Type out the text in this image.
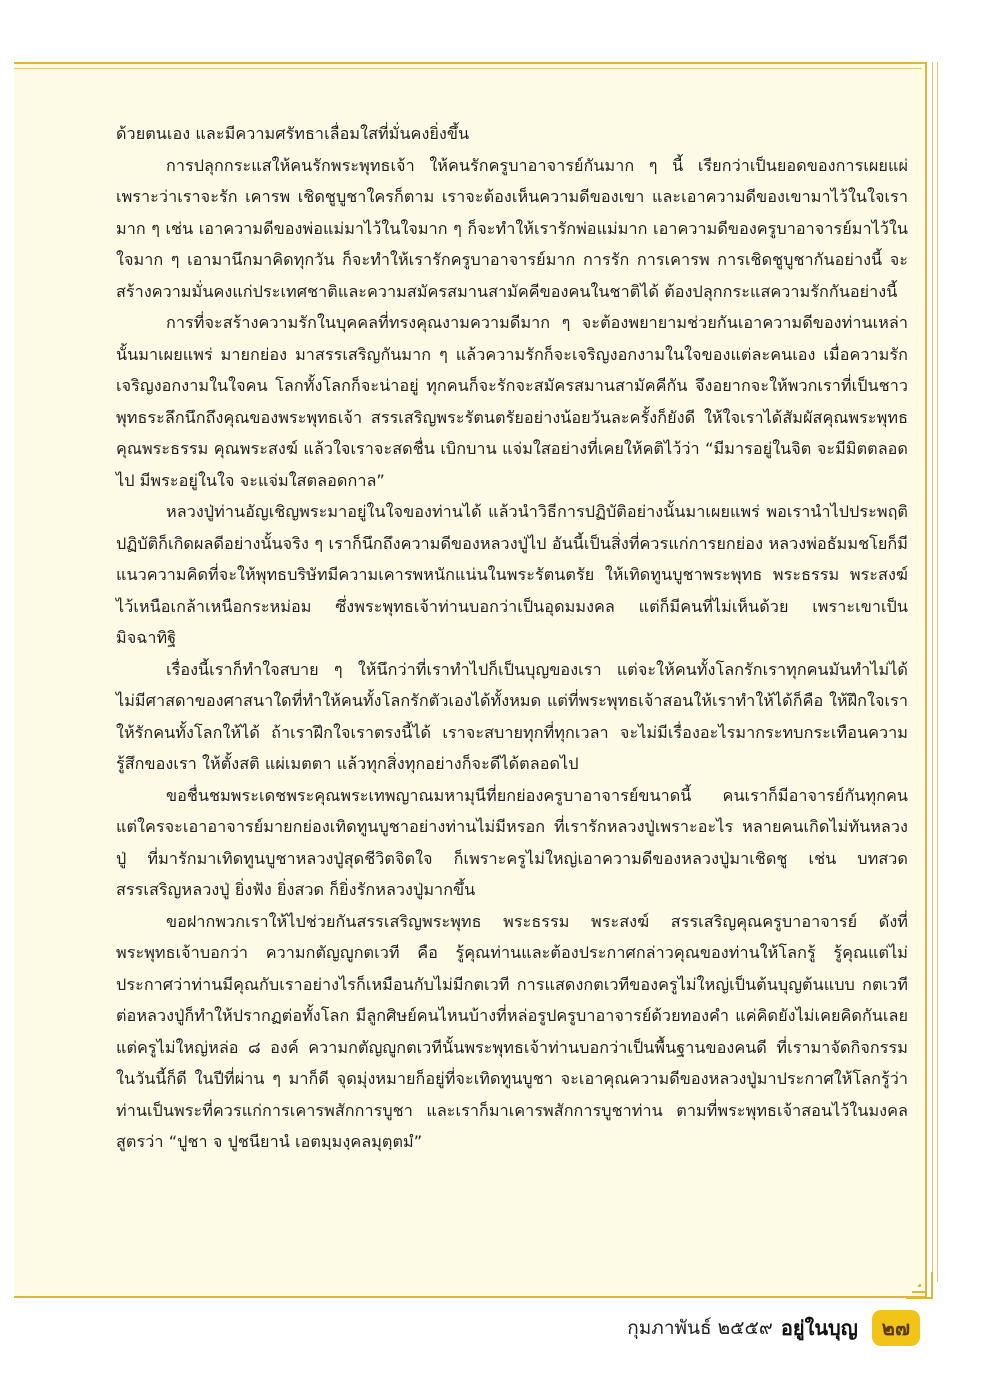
ด้วยตนเอง และมีความศรัทธาเลื่อมใสที่มั่นคงยิ่งขึ้น

การปลุกกระแสให้คนรักพระพุทธเจ้า ให้คนรักครูบาอาจารย์กันมาก ๆ นี้ เรียกว่าเป็นยอดของการเผยแผ่ เพราะว่าเราจะรัก เคารพ เชิดชูบูชาใครก็ตาม เราจะต้องเห็นความดีของเขา และเอาความดีของเขามาไว้ในใจเรามาก ๆ เช่น เอาความดีของพ่อแม่มาไว้ในใจมาก ๆ ก็จะทำให้เรารักพ่อแม่มาก เอาความดีของครูบาอาจารย์มาไว้ในใจมาก ๆ เอามานึกมาคิดทุกวัน ก็จะทำให้เรารักครูบาอาจารย์มาก การรัก การเคารพ การเชิดชูบูชากันอย่างนี้ จะสร้างความมั่นคงแก่ประเทศชาติและความสมัครสมานสามัคคีของคนในชาติได้ ต้องปลุกกระแสความรักกันอย่างนี้

การที่จะสร้างความรักในบุคคลที่ทรงคุณงามความดีมาก ๆ จะต้องพยายามช่วยกันเอาความดีของท่านเหล่านั้นมาเผยแพร่ มายกย่อง มาสรรเสริญกันมาก ๆ แล้วความรักก็จะเจริญงอกงามในใจของแต่ละคนเอง เมื่อความรักเจริญงอกงามในใจคน โลกทั้งโลกก็จะน่าอยู่ ทุกคนก็จะรักจะสมัครสมานสามัคคีกัน จึงอยากจะให้พวกเราที่เป็นชาวพุทธระลึกนึกถึงคุณของพระพุทธเจ้า สรรเสริญพระรัตนตรัยอย่างน้อยวันละครั้งก็ยังดี ให้ใจเราได้สัมผัสคุณพระพุทธ คุณพระธรรม คุณพระสงฆ์ แล้วใจเราจะสดชื่น เบิกบาน แจ่มใสอย่างที่เคยให้คติไว้ว่า “มีมารอยู่ในจิต จะมีมิตตลอดไป มีพระอยู่ในใจ จะแจ่มใสตลอดกาล”

หลวงปู่ท่านอัญเชิญพระมาอยู่ในใจของท่านได้ แล้วนำวิธีการปฏิบัติอย่างนั้นมาเผยแพร่ พอเรานำไปประพฤติปฏิบัติก็เกิดผลดีอย่างนั้นจริง ๆ เราก็นึกถึงความดีของหลวงปู่ไป อันนี้เป็นสิ่งที่ควรแก่การยกย่อง หลวงพ่อธัมมชโยก็มีแนวความคิดที่จะให้พุทธบริษัทมีความเคารพหนักแน่นในพระรัตนตรัย ให้เทิดทูนบูชาพระพุทธ พระธรรม พระสงฆ์ ไว้เหนือเกล้าเหนือกระหม่อม ซึ่งพระพุทธเจ้าท่านบอกว่าเป็นอุดมมงคล แต่ก็มีคนที่ไม่เห็นด้วย เพราะเขาเป็นมิจฉาทิฐิ

เรื่องนี้เราก็ทำใจสบาย ๆ ให้นึกว่าที่เราทำไปก็เป็นบุญของเรา แต่จะให้คนทั้งโลกรักเราทุกคนมันทำไม่ได้ ไม่มีศาสดาของศาสนาใดที่ทำให้คนทั้งโลกรักตัวเองได้ทั้งหมด แต่ที่พระพุทธเจ้าสอนให้เราทำให้ได้ก็คือ ให้ฝึกใจเราให้รักคนทั้งโลกให้ได้ ถ้าเราฝึกใจเราตรงนี้ได้ เราจะสบายทุกที่ทุกเวลา จะไม่มีเรื่องอะไรมากระทบกระเทือนความรู้สึกของเรา ให้ตั้งสติ แผ่เมตตา แล้วทุกสิ่งทุกอย่างก็จะดีได้ตลอดไป

ขอชื่นชมพระเดชพระคุณพระเทพญาณมหามุนีที่ยกย่องครูบาอาจารย์ขนาดนี้ คนเราก็มีอาจารย์กันทุกคน แต่ใครจะเอาอาจารย์มายกย่องเทิดทูนบูชาอย่างท่านไม่มีหรอก ที่เรารักหลวงปู่เพราะอะไร หลายคนเกิดไม่ทันหลวงปู่ ที่มารักมาเทิดทูนบูชาหลวงปู่สุดชีวิตจิตใจ ก็เพราะครูไม่ใหญ่เอาความดีของหลวงปู่มาเชิดชู เช่น บทสวดสรรเสริญหลวงปู่ ยิ่งฟัง ยิ่งสวด ก็ยิ่งรักหลวงปู่มากขึ้น

ขอฝากพวกเราให้ไปช่วยกันสรรเสริญพระพุทธ พระธรรม พระสงฆ์ สรรเสริญคุณครูบาอาจารย์ ดังที่พระพุทธเจ้าบอกว่า ความกตัญญูกตเวที คือ รู้คุณท่านและต้องประกาศกล่าวคุณของท่านให้โลกรู้ รู้คุณแต่ไม่ประกาศว่าท่านมีคุณกับเราอย่างไรก็เหมือนกับไม่มีกตเวที การแสดงกตเวทีของครูไม่ใหญ่เป็นต้นบุญต้นแบบ กตเวทีต่อหลวงปู่ก็ทำให้ปรากฏต่อทั้งโลก มีลูกศิษย์คนไหนบ้างที่หล่อรูปครูบาอาจารย์ด้วยทองคำ แค่คิดยังไม่เคยคิดกันเลย แต่ครูไม่ใหญ่หล่อ ๘ องค์ ความกตัญญูกตเวทีนั้นพระพุทธเจ้าท่านบอกว่าเป็นพื้นฐานของคนดี ที่เรามาจัดกิจกรรมในวันนี้ก็ดี ในปีที่ผ่าน ๆ มาก็ดี จุดมุ่งหมายก็อยู่ที่จะเทิดทูนบูชา จะเอาคุณความดีของหลวงปู่มาประกาศให้โลกรู้ว่า ท่านเป็นพระที่ควรแก่การเคารพสักการบูชา และเราก็มาเคารพสักการบูชาท่าน ตามที่พระพุทธเจ้าสอนไว้ในมงคลสูตรว่า “ปูชา จ ปูชนียานํ เอตมฺมงฺคลมุตฺตมํ”

กุมภาพันธ์ ๒๕๕๙ อยู่ในบุญ	๒๗
